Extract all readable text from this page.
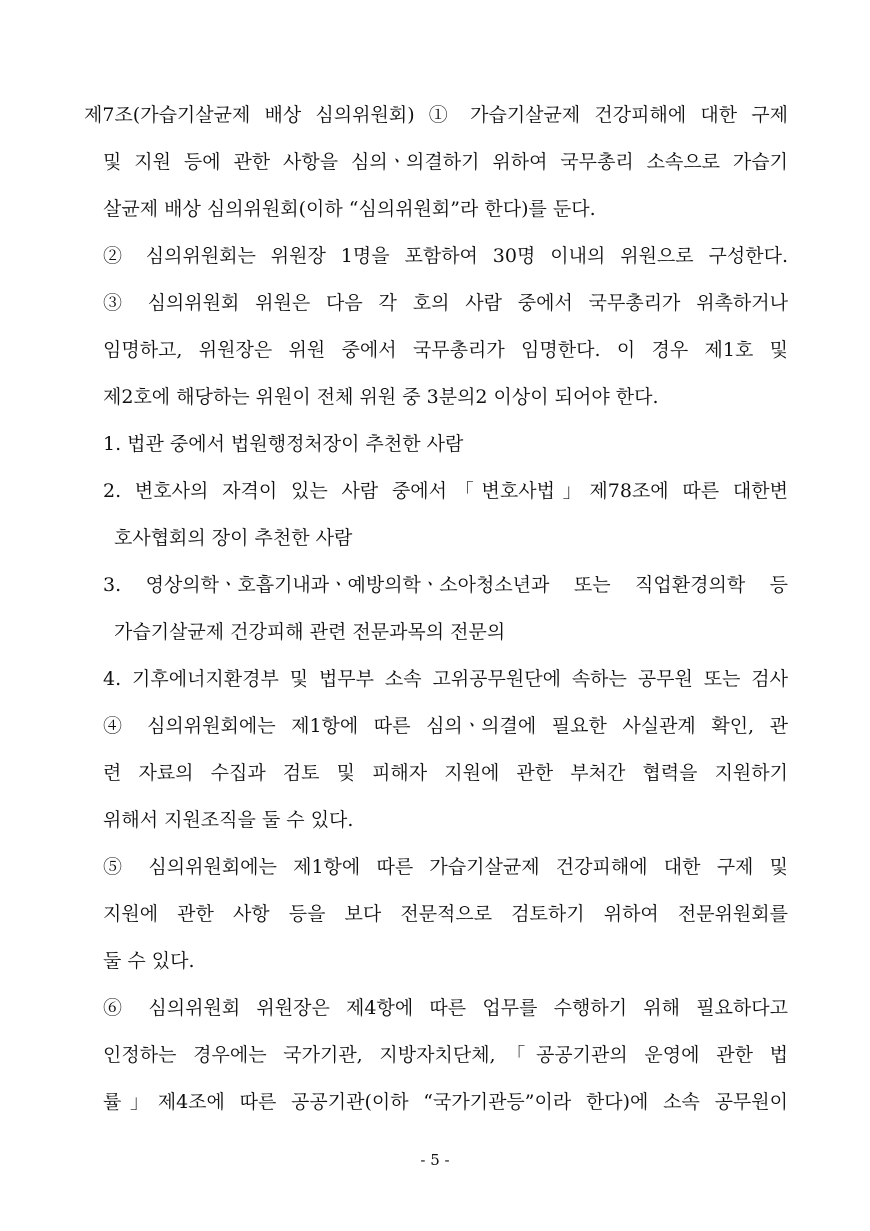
제7조(가습기살균제 배상 심의위원회) ① 가습기살균제 건강피해에 대한 구제
및 지원 등에 관한 사항을 심의ㆍ의결하기 위하여 국무총리 소속으로 가습기
살균제 배상 심의위원회(이하 “심의위원회”라 한다)를 둔다.
② 심의위원회는 위원장 1명을 포함하여 30명 이내의 위원으로 구성한다.
③ 심의위원회 위원은 다음 각 호의 사람 중에서 국무총리가 위촉하거나
임명하고, 위원장은 위원 중에서 국무총리가 임명한다. 이 경우 제1호 및
제2호에 해당하는 위원이 전체 위원 중 3분의2 이상이 되어야 한다.
1. 법관 중에서 법원행정처장이 추천한 사람
2. 변호사의 자격이 있는 사람 중에서「변호사법」제78조에 따른 대한변
호사협회의 장이 추천한 사람
3. 영상의학ㆍ호흡기내과ㆍ예방의학ㆍ소아청소년과 또는 직업환경의학 등
가습기살균제 건강피해 관련 전문과목의 전문의
4. 기후에너지환경부 및 법무부 소속 고위공무원단에 속하는 공무원 또는 검사
④ 심의위원회에는 제1항에 따른 심의ㆍ의결에 필요한 사실관계 확인, 관
련 자료의 수집과 검토 및 피해자 지원에 관한 부처간 협력을 지원하기
위해서 지원조직을 둘 수 있다.
⑤ 심의위원회에는 제1항에 따른 가습기살균제 건강피해에 대한 구제 및
지원에 관한 사항 등을 보다 전문적으로 검토하기 위하여 전문위원회를
둘 수 있다.
⑥ 심의위원회 위원장은 제4항에 따른 업무를 수행하기 위해 필요하다고
인정하는 경우에는 국가기관, 지방자치단체,「공공기관의 운영에 관한 법
률」제4조에 따른 공공기관(이하 “국가기관등”이라 한다)에 소속 공무원이
- 5 -
